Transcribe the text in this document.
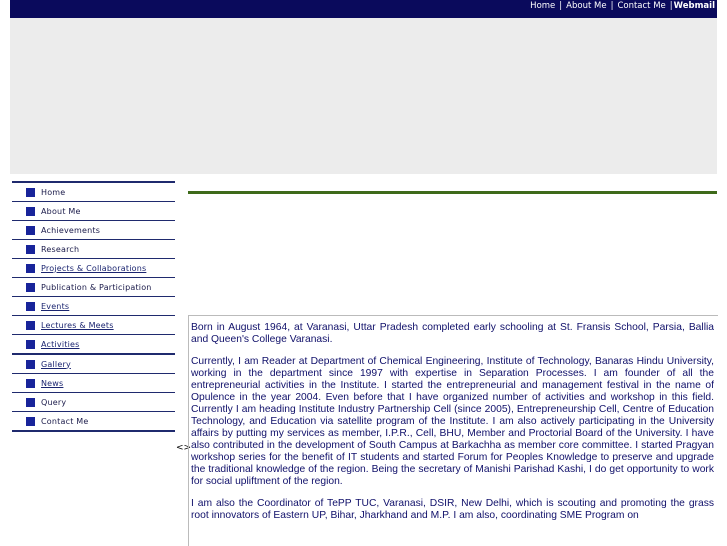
Home | About Me | Contact Me |Webmail
Home
About Me
Achievements
Research
Projects & Collaborations
Publication & Participation
Events
Lectures & Meets
Activities
Gallery
News
Query
Contact Me
<>

Born in August 1964, at Varanasi, Uttar Pradesh completed early schooling at St. Fransis School, Parsia, Ballia and Queen's College Varanasi.

Currently, I am Reader at Department of Chemical Engineering, Institute of Technology, Banaras Hindu University, working in the department since 1997 with expertise in Separation Processes. I am founder of all the entrepreneurial activities in the Institute. I started the entrepreneurial and management festival in the name of Opulence in the year 2004. Even before that I have organized number of activities and workshop in this field. Currently I am heading Institute Industry Partnership Cell (since 2005), Entrepreneurship Cell, Centre of Education Technology, and Education via satellite program of the Institute. I am also actively participating in the University affairs by putting my services as member, I.P.R., Cell, BHU, Member and Proctorial Board of the University. I have also contributed in the development of South Campus at Barkachha as member core committee. I started Pragyan workshop series for the benefit of IT students and started Forum for Peoples Knowledge to preserve and upgrade the traditional knowledge of the region. Being the secretary of Manishi Parishad Kashi, I do get opportunity to work for social upliftment of the region.

I am also the Coordinator of TePP TUC, Varanasi, DSIR, New Delhi, which is scouting and promoting the grass root innovators of Eastern UP, Bihar, Jharkhand and M.P. I am also, coordinating SME Program on
